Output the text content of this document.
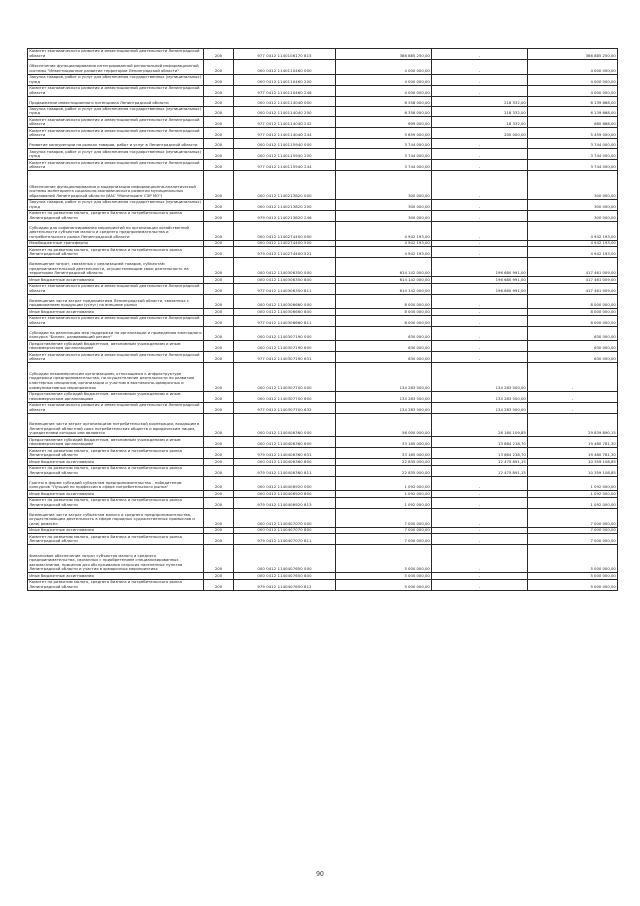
Комитет экономического развития и инвестиционной деятельности Ленинградской области	200	977 0412 1140106170 815	386 885 250,00	-	386 885 250,00
Обеспечение функционирования интегрированной региональной информационной системы "Инвестиционное развитие территории Ленинградской области"	200	000 0412 1140110460 000	4 000 000,00	-	4 000 000,00
Закупка товаров, работ и услуг для обеспечения государственных (муниципальных) нужд	200	000 0412 1140110460 200	4 000 000,00	-	4 000 000,00
Комитет экономического развития и инвестиционной деятельности Ленинградской области	200	977 0412 1140110460 246	4 000 000,00	-	4 000 000,00
Продвижение инвестиционного потенциала Ленинградской области	200	000 0412 1140114040 000	6 358 000,00	218 332,00	6 139 668,00
Закупка товаров, работ и услуг для обеспечения государственных (муниципальных) нужд	200	000 0412 1140114040 200	6 358 000,00	218 332,00	6 139 668,00
Комитет экономического развития и инвестиционной деятельности Ленинградской области	200	977 0412 1140114040 242	699 000,00	18 332,00	680 668,00
Комитет экономического развития и инвестиционной деятельности Ленинградской области	200	977 0412 1140114040 244	5 659 000,00	200 000,00	5 459 000,00
Развитие конкуренции на рынках товаров, работ и услуг в Ленинградской области	200	000 0412 1140115940 000	3 744 000,00	-	3 744 000,00
Закупка товаров, работ и услуг для обеспечения государственных (муниципальных) нужд	200	000 0412 1140115940 200	3 744 000,00	-	3 744 000,00
Комитет экономического развития и инвестиционной деятельности Ленинградской области	200	977 0412 1140115940 244	3 744 000,00	-	3 744 000,00
Обеспечение функционирования и модернизация информационно-аналитической системы мониторинга социально-экономического развития муниципальных образований Ленинградской области (ИАС "Мониторинг СЭР МО")	200	000 0412 1140213820 000	300 000,00	-	300 000,00
Закупка товаров, работ и услуг для обеспечения государственных (муниципальных) нужд	200	000 0412 1140213820 200	300 000,00	-	300 000,00
Комитет по развитию малого, среднего бизнеса и потребительского рынка Ленинградской области	200	979 0412 1140213820 246	300 000,00	-	300 000,00
Субсидии для софинансирования мероприятий по организации хозяйственной деятельности субъектов малого и среднего предпринимательства и потребительского рынка Ленинградской области	200	000 0412 1140274400 000	4 942 193,00	-	4 942 193,00
Межбюджетные трансферты	200	000 0412 1140274400 500	4 942 193,00	-	4 942 193,00
Комитет по развитию малого, среднего бизнеса и потребительского рынка Ленинградской области	200	979 0412 1140274400 521	4 942 193,00	-	4 942 193,00
Возмещение затрат, связанных с реализацией товаров, субъектам предпринимательской деятельности, осуществляющим свою деятельность на территории Ленинградской области	200	000 0412 1140306350 000	614 142 000,00	196 680 991,00	417 461 009,00
Иные бюджетные ассигнования	200	000 0412 1140306350 800	614 142 000,00	196 680 991,00	417 461 009,00
Комитет экономического развития и инвестиционной деятельности Ленинградской области	200	977 0412 1140306350 811	614 142 000,00	196 680 991,00	417 461 009,00
Возмещение части затрат предприятиям Ленинградской области, связанных с продвижением продукции (услуг) на внешние рынки	200	000 0412 1140306660 000	8 000 000,00	-	8 000 000,00
Иные бюджетные ассигнования	200	000 0412 1140306660 800	8 000 000,00	-	8 000 000,00
Комитет экономического развития и инвестиционной деятельности Ленинградской области	200	977 0412 1140306660 811	8 000 000,00	-	8 000 000,00
Субсидии на реализацию мер поддержки по организации и проведению ежегодного конкурса "Бизнес, развивающий регион"	200	000 0412 1140307190 000	630 000,00	-	630 000,00
Предоставление субсидий бюджетным, автономным учреждениям и иным некоммерческим организациям	200	000 0412 1140307190 600	630 000,00	-	630 000,00
Комитет экономического развития и инвестиционной деятельности Ленинградской области	200	977 0412 1140307190 631	630 000,00	-	630 000,00
Субсидии некоммерческим организациям, относящимся к инфраструктуре поддержки предпринимательства, на осуществление деятельности по развитию кластерных инициатив, организации и участию в выставочно-ярмарочных и коммуникативных мероприятиях	200	000 0412 1140307700 000	134 283 500,00	134 283 500,00	-
Предоставление субсидий бюджетным, автономным учреждениям и иным некоммерческим организациям	200	000 0412 1140307700 600	134 283 500,00	134 283 500,00	-
Комитет экономического развития и инвестиционной деятельности Ленинградской области	200	977 0412 1140307700 632	134 283 500,00	134 283 500,00	-
Возмещение части затрат организациям потребительской кооперации, входящим в Ленинградский областной союз потребительских обществ и юридическим лицам, учредителями которых они являются	200	000 0412 1140406360 000	56 000 000,00	26 160 109,85	29 839 890,15
Предоставление субсидий бюджетным, автономным учреждениям и иным некоммерческим организациям	200	000 0412 1140406360 600	33 165 000,00	13 684 218,70	19 480 781,30
Комитет по развитию малого, среднего бизнеса и потребительского рынка Ленинградской области	200	979 0412 1140406360 631	33 165 000,00	13 684 218,70	19 480 781,30
Иные бюджетные ассигнования	200	000 0412 1140406360 800	22 835 000,00	12 475 891,15	10 359 108,85
Комитет по развитию малого, среднего бизнеса и потребительского рынка Ленинградской области	200	979 0412 1140406360 811	22 835 000,00	12 475 891,15	10 359 108,85
Гранты в форме субсидий субъектам предпринимательства - победителям конкурсов "Лучший по профессии в сфере потребительского рынка"	200	000 0412 1140406920 000	1 092 000,00	-	1 092 000,00
Иные бюджетные ассигнования	200	000 0412 1140406920 800	1 092 000,00	-	1 092 000,00
Комитет по развитию малого, среднего бизнеса и потребительского рынка Ленинградской области	200	979 0412 1140406920 813	1 092 000,00	-	1 092 000,00
Возмещение части затрат субъектам малого и среднего предпринимательства, осуществляющим деятельность в сфере народных художественных промыслов и (или) ремесел	200	000 0412 1140407070 000	7 000 000,00	-	7 000 000,00
Иные бюджетные ассигнования	200	000 0412 1140407070 800	7 000 000,00	-	7 000 000,00
Комитет по развитию малого, среднего бизнеса и потребительского рынка Ленинградской области	200	979 0412 1140407070 811	7 000 000,00	-	7 000 000,00
Финансовое обеспечение затрат субъектов малого и среднего предпринимательства, связанных с приобретением специализированных автомагазинов, прицепов для обслуживания сельских населенных пунктов Ленинградской области и участия в ярмарочных мероприятиях	200	000 0412 1140407650 000	5 000 000,00	-	5 000 000,00
Иные бюджетные ассигнования	200	000 0412 1140407650 800	5 000 000,00	-	5 000 000,00
Комитет по развитию малого, среднего бизнеса и потребительского рынка Ленинградской области	200	979 0412 1140407650 812	5 000 000,00	-	5 000 000,00
90
